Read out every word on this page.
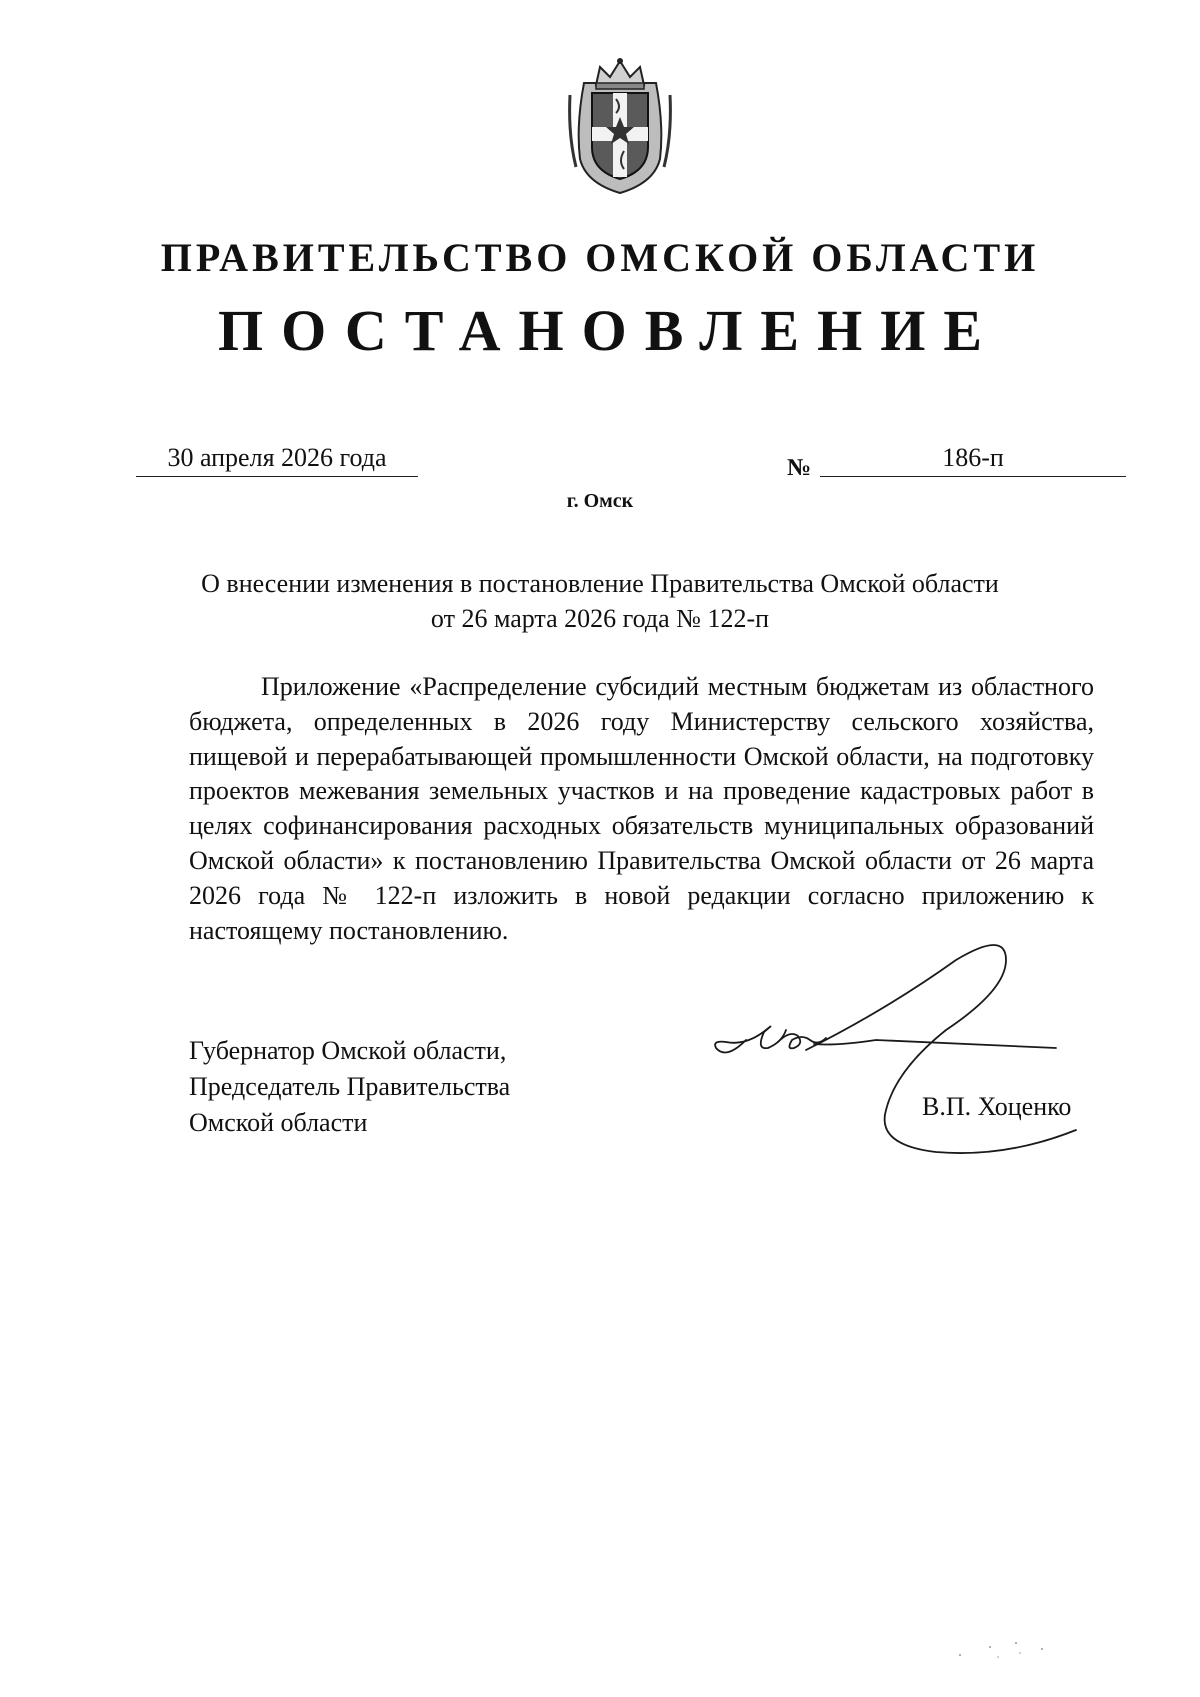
ПРАВИТЕЛЬСТВО ОМСКОЙ ОБЛАСТИ
ПОСТАНОВЛЕНИЕ
30 апреля 2026 года	№	186-п
г. Омск
О внесении изменения в постановление Правительства Омской области
от 26 марта 2026 года № 122-п
Приложение «Распределение субсидий местным бюджетам из областного бюджета, определенных в 2026 году Министерству сельского хозяйства, пищевой и перерабатывающей промышленности Омской области, на подготовку проектов межевания земельных участков и на проведение кадастровых работ в целях софинансирования расходных обязательств муниципальных образований Омской области» к постановлению Правительства Омской области от 26 марта 2026 года № 122-п изложить в новой редакции согласно приложению к настоящему постановлению.
Губернатор Омской области,
Председатель Правительства
Омской области
В.П. Хоценко
